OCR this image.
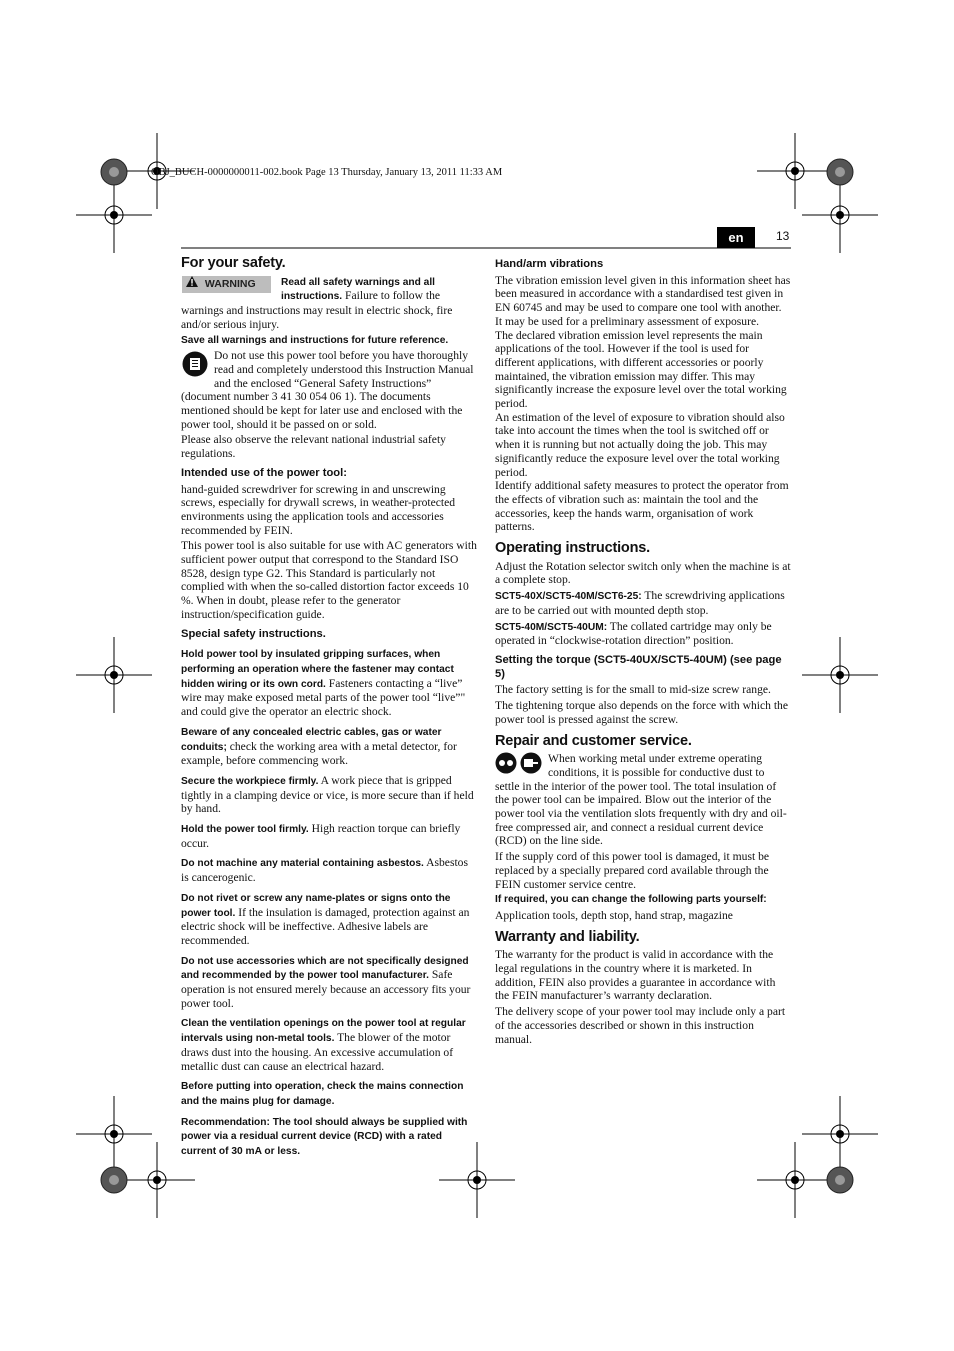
OBJ_BUCH-0000000011-002.book Page 13 Thursday, January 13, 2011 11:33 AM
en	13
For your safety.

WARNING	Read all safety warnings and all instructions. Failure to follow the warnings and instructions may result in electric shock, fire and/or serious injury.

Save all warnings and instructions for future reference.

Do not use this power tool before you have thoroughly read and completely understood this Instruction Manual and the enclosed “General Safety Instructions” (document number 3 41 30 054 06 1). The documents mentioned should be kept for later use and enclosed with the power tool, should it be passed on or sold.

Please also observe the relevant national industrial safety regulations.

Intended use of the power tool:

hand-guided screwdriver for screwing in and unscrewing screws, especially for drywall screws, in weather-protected environments using the application tools and accessories recommended by FEIN.

This power tool is also suitable for use with AC generators with sufficient power output that correspond to the Standard ISO 8528, design type G2. This Standard is particularly not complied with when the so-called distortion factor exceeds 10 %. When in doubt, please refer to the generator instruction/specification guide.

Special safety instructions.

Hold power tool by insulated gripping surfaces, when performing an operation where the fastener may contact hidden wiring or its own cord. Fasteners contacting a “live” wire may make exposed metal parts of the power tool “live”" and could give the operator an electric shock.

Beware of any concealed electric cables, gas or water conduits; check the working area with a metal detector, for example, before commencing work.

Secure the workpiece firmly. A work piece that is gripped tightly in a clamping device or vice, is more secure than if held by hand.

Hold the power tool firmly. High reaction torque can briefly occur.

Do not machine any material containing asbestos. Asbestos is cancerogenic.

Do not rivet or screw any name-plates or signs onto the power tool. If the insulation is damaged, protection against an electric shock will be ineffective. Adhesive labels are recommended.

Do not use accessories which are not specifically designed and recommended by the power tool manufacturer. Safe operation is not ensured merely because an accessory fits your power tool.

Clean the ventilation openings on the power tool at regular intervals using non-metal tools. The blower of the motor draws dust into the housing. An excessive accumulation of metallic dust can cause an electrical hazard.

Before putting into operation, check the mains connection and the mains plug for damage.

Recommendation: The tool should always be supplied with power via a residual current device (RCD) with a rated current of 30 mA or less.

Hand/arm vibrations

The vibration emission level given in this information sheet has been measured in accordance with a standardised test given in EN 60745 and may be used to compare one tool with another. It may be used for a preliminary assessment of exposure.

The declared vibration emission level represents the main applications of the tool. However if the tool is used for different applications, with different accessories or poorly maintained, the vibration emission may differ. This may significantly increase the exposure level over the total working period.

An estimation of the level of exposure to vibration should also take into account the times when the tool is switched off or when it is running but not actually doing the job. This may significantly reduce the exposure level over the total working period.

Identify additional safety measures to protect the operator from the effects of vibration such as: maintain the tool and the accessories, keep the hands warm, organisation of work patterns.

Operating instructions.

Adjust the Rotation selector switch only when the machine is at a complete stop.

SCT5-40X/SCT5-40M/SCT6-25: The screwdriving applications are to be carried out with mounted depth stop.

SCT5-40M/SCT5-40UM: The collated cartridge may only be operated in “clockwise-rotation direction” position.

Setting the torque (SCT5-40UX/SCT5-40UM) (see page 5)

The factory setting is for the small to mid-size screw range.

The tightening torque also depends on the force with which the power tool is pressed against the screw.

Repair and customer service.

When working metal under extreme operating conditions, it is possible for conductive dust to settle in the interior of the power tool. The total insulation of the power tool can be impaired. Blow out the interior of the power tool via the ventilation slots frequently with dry and oil-free compressed air, and connect a residual current device (RCD) on the line side.

If the supply cord of this power tool is damaged, it must be replaced by a specially prepared cord available through the FEIN customer service centre.

If required, you can change the following parts yourself:

Application tools, depth stop, hand strap, magazine

Warranty and liability.

The warranty for the product is valid in accordance with the legal regulations in the country where it is marketed. In addition, FEIN also provides a guarantee in accordance with the FEIN manufacturer’s warranty declaration.

The delivery scope of your power tool may include only a part of the accessories described or shown in this instruction manual.
